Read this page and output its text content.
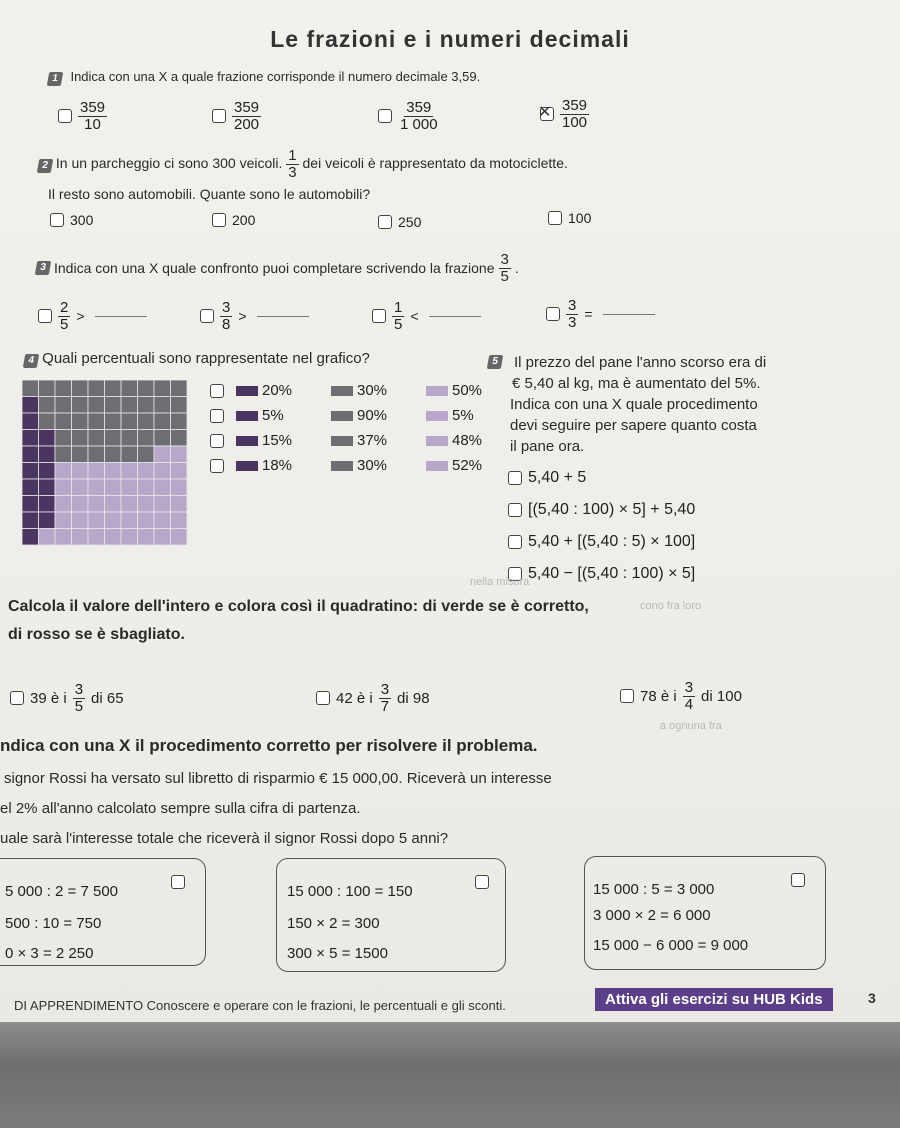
Le frazioni e i numeri decimali
1 Indica con una X a quale frazione corrisponde il numero decimale 3,59.
$\frac{359}{10}$	$\frac{359}{200}$	$\frac{359}{1 000}$	✕ $\frac{359}{100}$
2 In un parcheggio ci sono 300 veicoli. $\frac{1}{3}$ dei veicoli è rappresentato da motociclette.
Il resto sono automobili. Quante sono le automobili?
300	200	250	100
3 Indica con una X quale confronto puoi completare scrivendo la frazione $\frac{3}{5}$ .
$\frac{2}{5}$ >	$\frac{3}{8}$ >	$\frac{1}{5}$ <	$\frac{3}{3}$ =
4 Quali percentuali sono rappresentate nel grafico?
20%	30%	50%
5%	90%	5%
15%	37%	48%
18%	30%	52%
5 Il prezzo del pane l'anno scorso era di
€ 5,40 al kg, ma è aumentato del 5%.
Indica con una X quale procedimento
devi seguire per sapere quanto costa
il pane ora.
5,40 + 5
[(5,40 : 100) × 5] + 5,40
5,40 + [(5,40 : 5) × 100]
5,40 − [(5,40 : 100) × 5]
nella misura
cono fra loro
a ognuna fra
Calcola il valore dell'intero e colora così il quadratino: di verde se è corretto,
di rosso se è sbagliato.
39 è i $\frac{3}{5}$ di 65	42 è i $\frac{3}{7}$ di 98	78 è i $\frac{3}{4}$ di 100
ndica con una X il procedimento corretto per risolvere il problema.
signor Rossi ha versato sul libretto di risparmio € 15 000,00. Riceverà un interesse
el 2% all'anno calcolato sempre sulla cifra di partenza.
uale sarà l'interesse totale che riceverà il signor Rossi dopo 5 anni?
5 000 : 2 = 7 500
500 : 10 = 750
0 × 3 = 2 250
15 000 : 100 = 150
150 × 2 = 300
300 × 5 = 1500
15 000 : 5 = 3 000
3 000 × 2 = 6 000
15 000 − 6 000 = 9 000
DI APPRENDIMENTO Conoscere e operare con le frazioni, le percentuali e gli sconti.	Attiva gli esercizi su HUB Kids	3
